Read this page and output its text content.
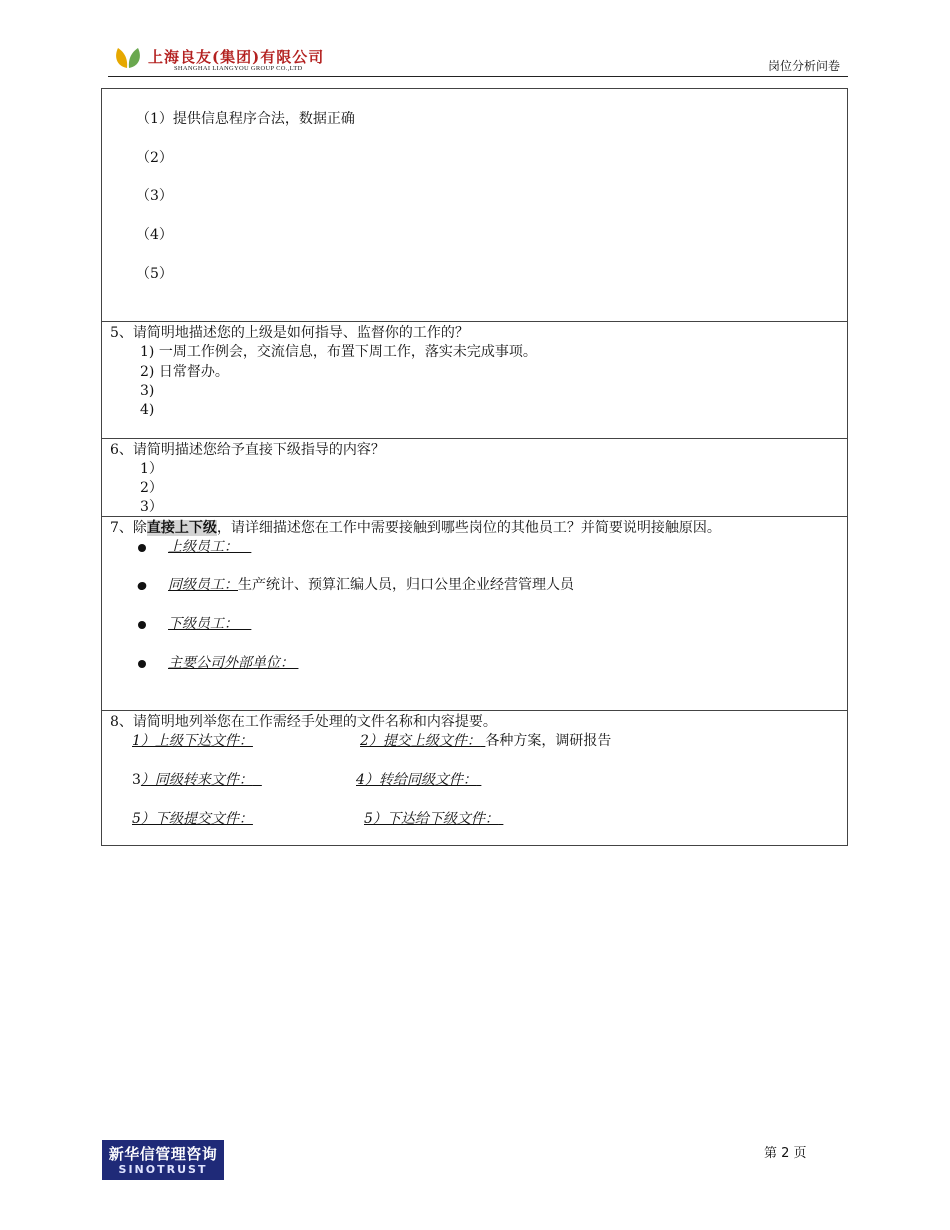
上海良友(集团)有限公司
SHANGHAI LIANGYOU GROUP CO.,LTD	岗位分析问卷
（1）提供信息程序合法，数据正确
（2）
（3）
（4）
（5）
5、请简明地描述您的上级是如何指导、监督你的工作的？
1) 一周工作例会，交流信息，布置下周工作，落实未完成事项。
2) 日常督办。
3)
4)
6、请简明描述您给予直接下级指导的内容？
1）
2）
3）
7、除直接上下级，请详细描述您在工作中需要接触到哪些岗位的其他员工？并简要说明接触原因。
上级员工：
同级员工：生产统计、预算汇编人员，归口公里企业经营管理人员
下级员工：
主要公司外部单位：
8、请简明地列举您在工作需经手处理的文件名称和内容提要。
1）上级下达文件：	2）提交上级文件： 各种方案，调研报告
3）同级转来文件：	4）转给同级文件：
5）下级提交文件：	5）下达给下级文件：
新华信管理咨询
SINOTRUST
第 2 页
